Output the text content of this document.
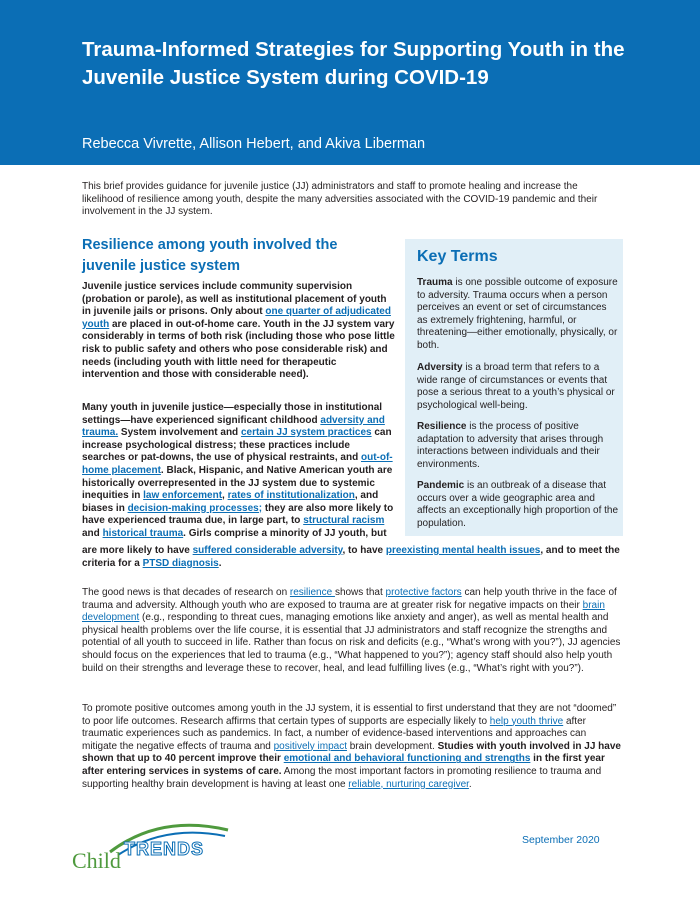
Trauma-Informed Strategies for Supporting Youth in the Juvenile Justice System during COVID-19

Rebecca Vivrette, Allison Hebert, and Akiva Liberman

This brief provides guidance for juvenile justice (JJ) administrators and staff to promote healing and increase the likelihood of resilience among youth, despite the many adversities associated with the COVID-19 pandemic and their involvement in the JJ system.

Resilience among youth involved the juvenile justice system

Juvenile justice services include community supervision (probation or parole), as well as institutional placement of youth in juvenile jails or prisons. Only about one quarter of adjudicated youth are placed in out-of-home care. Youth in the JJ system vary considerably in terms of both risk (including those who pose little risk to public safety and others who pose considerable risk) and needs (including youth with little need for therapeutic intervention and those with considerable need).

Many youth in juvenile justice—especially those in institutional settings—have experienced significant childhood adversity and trauma. System involvement and certain JJ system practices can increase psychological distress; these practices include searches or pat-downs, the use of physical restraints, and out-of-home placement. Black, Hispanic, and Native American youth are historically overrepresented in the JJ system due to systemic inequities in law enforcement, rates of institutionalization, and biases in decision-making processes; they are also more likely to have experienced trauma due, in large part, to structural racism and historical trauma. Girls comprise a minority of JJ youth, but

are more likely to have suffered considerable adversity, to have preexisting mental health issues, and to meet the criteria for a PTSD diagnosis.

The good news is that decades of research on resilience shows that protective factors can help youth thrive in the face of trauma and adversity. Although youth who are exposed to trauma are at greater risk for negative impacts on their brain development (e.g., responding to threat cues, managing emotions like anxiety and anger), as well as mental health and physical health problems over the life course, it is essential that JJ administrators and staff recognize the strengths and potential of all youth to succeed in life. Rather than focus on risk and deficits (e.g., “What’s wrong with you?”), JJ agencies should focus on the experiences that led to trauma (e.g., “What happened to you?”); agency staff should also help youth build on their strengths and leverage these to recover, heal, and lead fulfilling lives (e.g., “What’s right with you?”).

To promote positive outcomes among youth in the JJ system, it is essential to first understand that they are not “doomed” to poor life outcomes. Research affirms that certain types of supports are especially likely to help youth thrive after traumatic experiences such as pandemics. In fact, a number of evidence-based interventions and approaches can mitigate the negative effects of trauma and positively impact brain development. Studies with youth involved in JJ have shown that up to 40 percent improve their emotional and behavioral functioning and strengths in the first year after entering services in systems of care. Among the most important factors in promoting resilience to trauma and supporting healthy brain development is having at least one reliable, nurturing caregiver.

Key Terms

Trauma is one possible outcome of exposure to adversity. Trauma occurs when a person perceives an event or set of circumstances as extremely frightening, harmful, or threatening—either emotionally, physically, or both.

Adversity is a broad term that refers to a wide range of circumstances or events that pose a serious threat to a youth’s physical or psychological well-being.

Resilience is the process of positive adaptation to adversity that arises through interactions between individuals and their environments.

Pandemic is an outbreak of a disease that occurs over a wide geographic area and affects an exceptionally high proportion of the population.

Child TRENDS	September 2020
